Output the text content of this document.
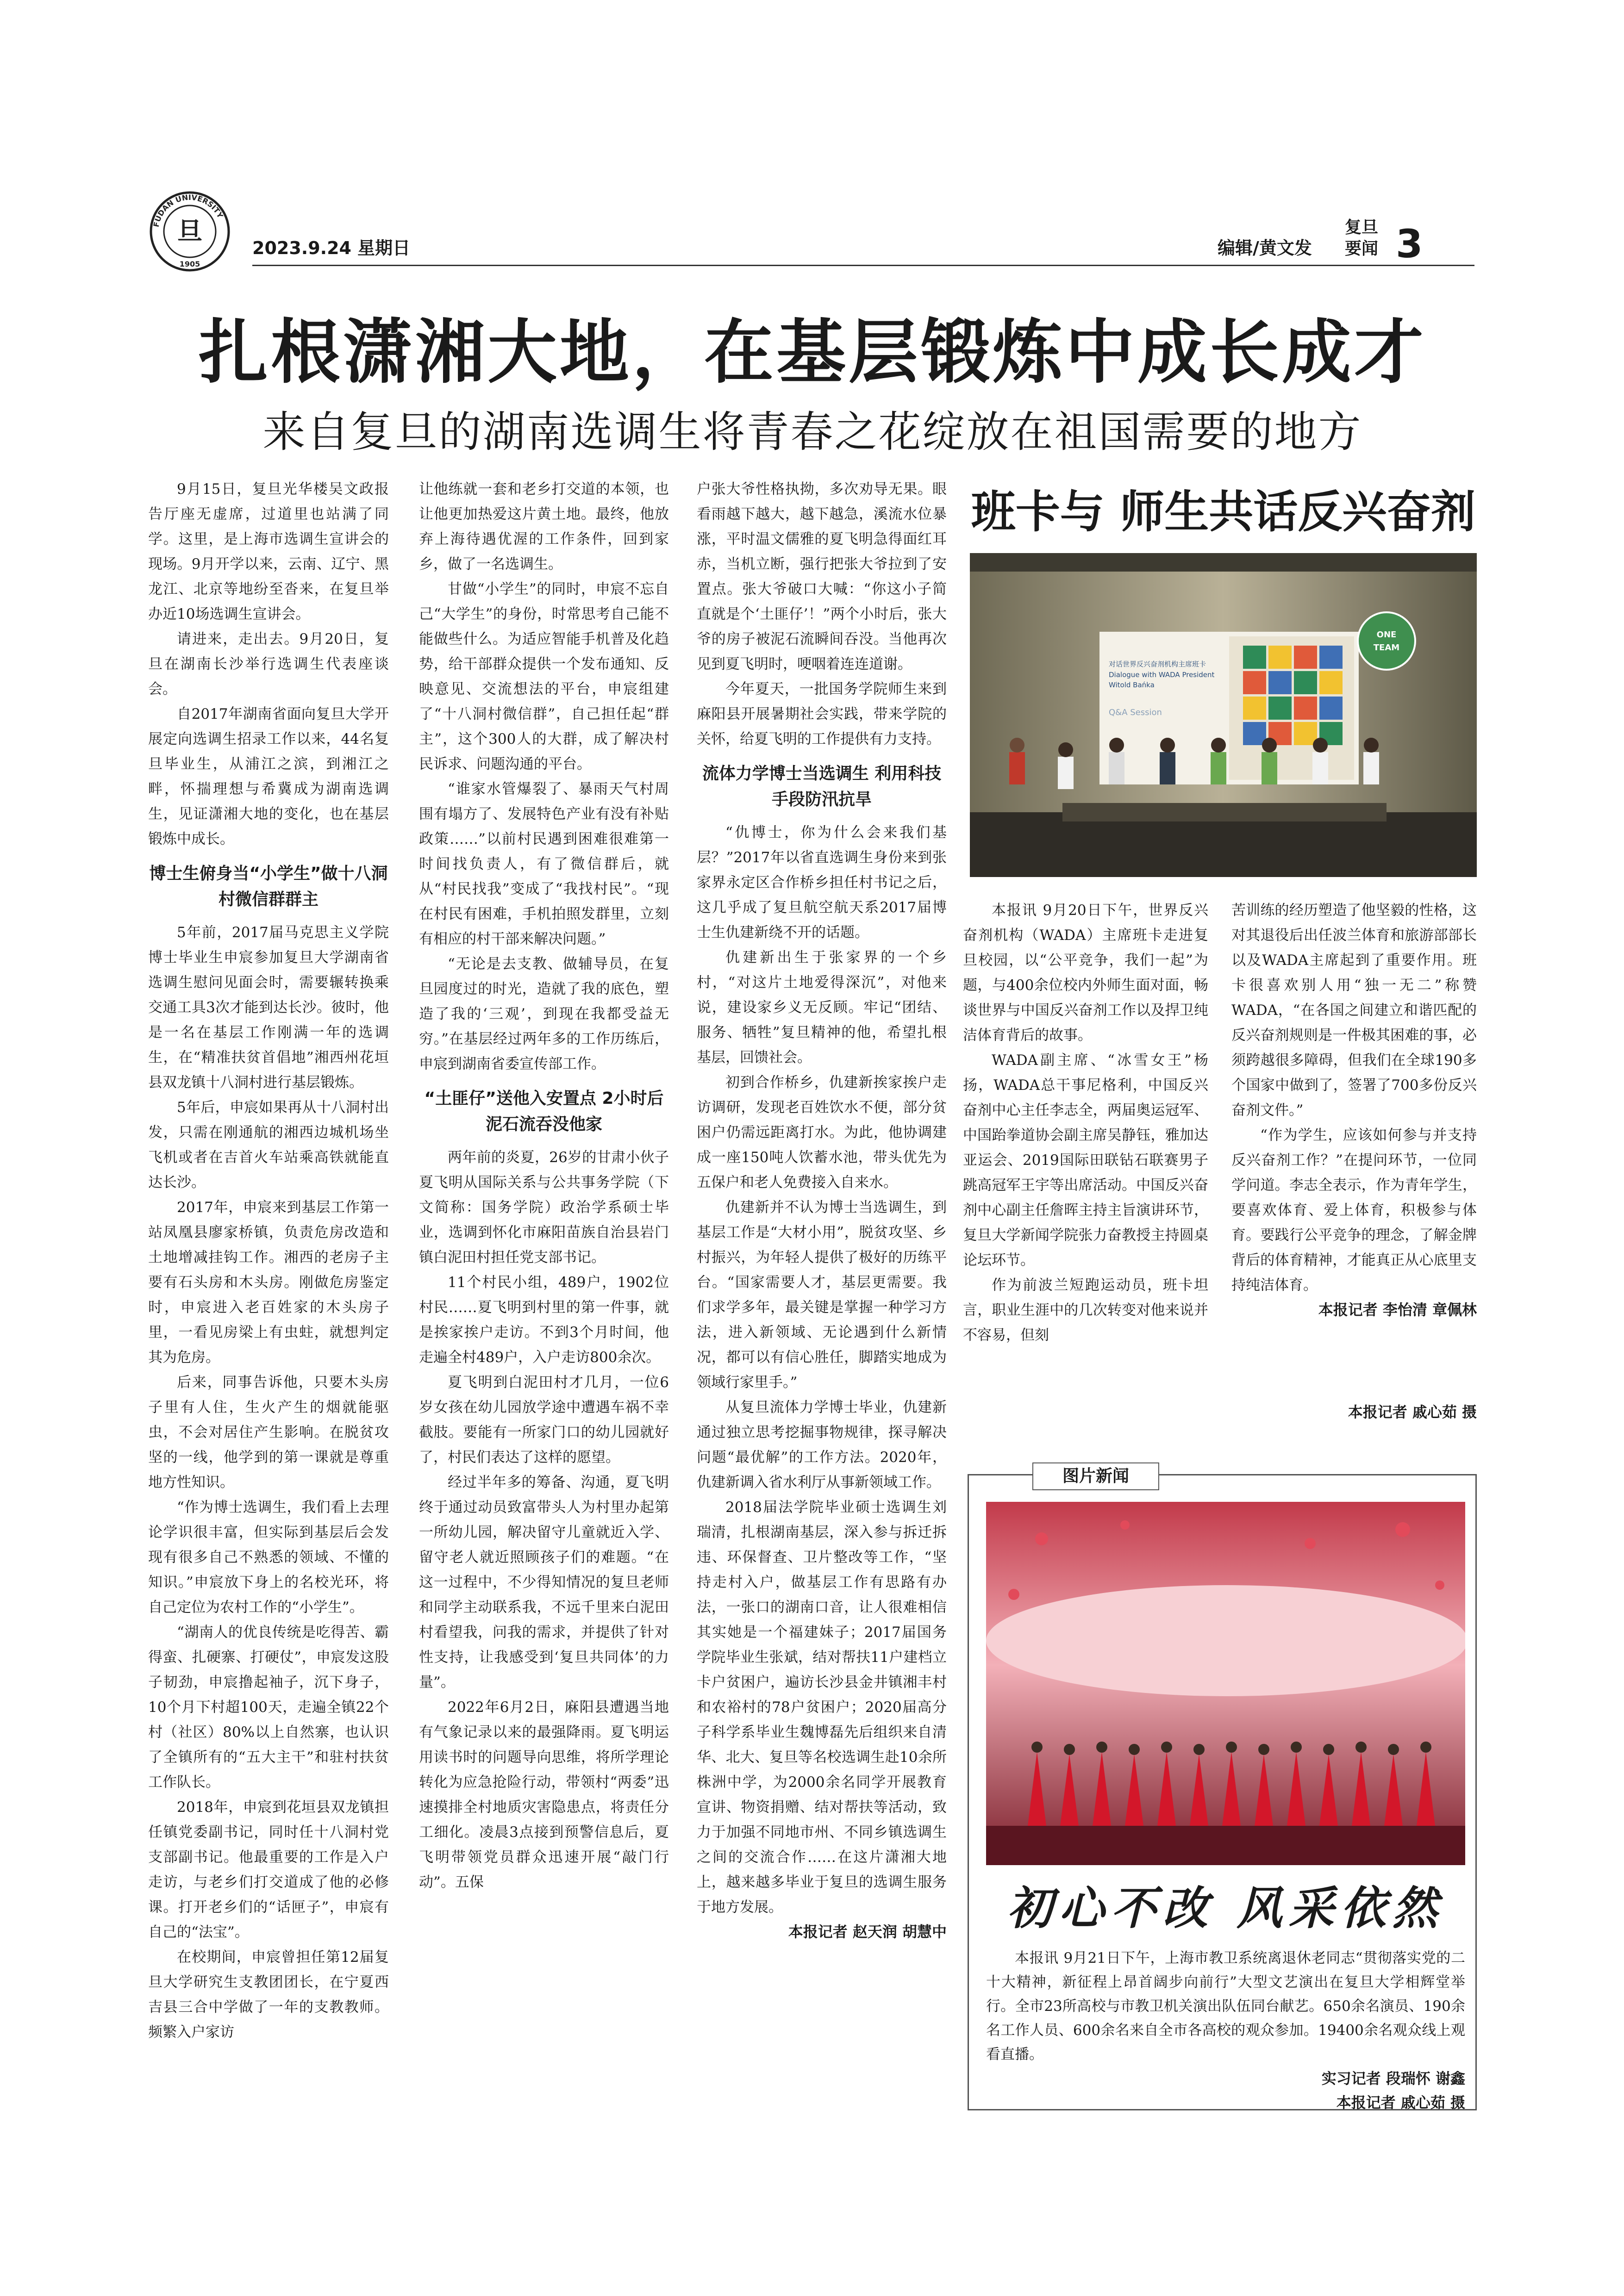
旦
FUDAN UNIVERSITY
1905
2023.9.24 星期日	编辑/黄文发
复旦
要闻 3
扎根潇湘大地，在基层锻炼中成长成才
来自复旦的湖南选调生将青春之花绽放在祖国需要的地方

9月15日，复旦光华楼吴文政报告厅座无虚席，过道里也站满了同学。这里，是上海市选调生宣讲会的现场。9月开学以来，云南、辽宁、黑龙江、北京等地纷至沓来，在复旦举办近10场选调生宣讲会。

请进来，走出去。9月20日，复旦在湖南长沙举行选调生代表座谈会。

自2017年湖南省面向复旦大学开展定向选调生招录工作以来，44名复旦毕业生，从浦江之滨，到湘江之畔，怀揣理想与希冀成为湖南选调生，见证潇湘大地的变化，也在基层锻炼中成长。

博士生俯身当“小学生”做十八洞村微信群群主

5年前，2017届马克思主义学院博士毕业生申宸参加复旦大学湖南省选调生慰问见面会时，需要辗转换乘交通工具3次才能到达长沙。彼时，他是一名在基层工作刚满一年的选调生，在“精准扶贫首倡地”湘西州花垣县双龙镇十八洞村进行基层锻炼。

5年后，申宸如果再从十八洞村出发，只需在刚通航的湘西边城机场坐飞机或者在吉首火车站乘高铁就能直达长沙。

2017年，申宸来到基层工作第一站凤凰县廖家桥镇，负责危房改造和土地增减挂钩工作。湘西的老房子主要有石头房和木头房。刚做危房鉴定时，申宸进入老百姓家的木头房子里，一看见房梁上有虫蛀，就想判定其为危房。

后来，同事告诉他，只要木头房子里有人住，生火产生的烟就能驱虫，不会对居住产生影响。在脱贫攻坚的一线，他学到的第一课就是尊重地方性知识。

“作为博士选调生，我们看上去理论学识很丰富，但实际到基层后会发现有很多自己不熟悉的领域、不懂的知识。”申宸放下身上的名校光环，将自己定位为农村工作的“小学生”。

“湖南人的优良传统是吃得苦、霸得蛮、扎硬寨、打硬仗”，申宸发这股子韧劲，申宸撸起袖子，沉下身子，10个月下村超100天，走遍全镇22个村（社区）80%以上自然寨，也认识了全镇所有的“五大主干”和驻村扶贫工作队长。

2018年，申宸到花垣县双龙镇担任镇党委副书记，同时任十八洞村党支部副书记。他最重要的工作是入户走访，与老乡们打交道成了他的必修课。打开老乡们的“话匣子”，申宸有自己的“法宝”。

在校期间，申宸曾担任第12届复旦大学研究生支教团团长，在宁夏西吉县三合中学做了一年的支教教师。频繁入户家访

让他练就一套和老乡打交道的本领，也让他更加热爱这片黄土地。最终，他放弃上海待遇优渥的工作条件，回到家乡，做了一名选调生。

甘做“小学生”的同时，申宸不忘自己“大学生”的身份，时常思考自己能不能做些什么。为适应智能手机普及化趋势，给干部群众提供一个发布通知、反映意见、交流想法的平台，申宸组建了“十八洞村微信群”，自己担任起“群主”，这个300人的大群，成了解决村民诉求、问题沟通的平台。

“谁家水管爆裂了、暴雨天气村周围有塌方了、发展特色产业有没有补贴政策……”以前村民遇到困难很难第一时间找负责人，有了微信群后，就从“村民找我”变成了“我找村民”。“现在村民有困难，手机拍照发群里，立刻有相应的村干部来解决问题。”

“无论是去支教、做辅导员，在复旦园度过的时光，造就了我的底色，塑造了我的‘三观’，到现在我都受益无穷。”在基层经过两年多的工作历练后，申宸到湖南省委宣传部工作。

“土匪仔”送他入安置点 2小时后泥石流吞没他家

两年前的炎夏，26岁的甘肃小伙子夏飞明从国际关系与公共事务学院（下文简称：国务学院）政治学系硕士毕业，选调到怀化市麻阳苗族自治县岩门镇白泥田村担任党支部书记。

11个村民小组，489户，1902位村民……夏飞明到村里的第一件事，就是挨家挨户走访。不到3个月时间，他走遍全村489户，入户走访800余次。

夏飞明到白泥田村才几月，一位6岁女孩在幼儿园放学途中遭遇车祸不幸截肢。要能有一所家门口的幼儿园就好了，村民们表达了这样的愿望。

经过半年多的筹备、沟通，夏飞明终于通过动员致富带头人为村里办起第一所幼儿园，解决留守儿童就近入学、留守老人就近照顾孩子们的难题。“在这一过程中，不少得知情况的复旦老师和同学主动联系我，不远千里来白泥田村看望我，问我的需求，并提供了针对性支持，让我感受到‘复旦共同体’的力量”。

2022年6月2日，麻阳县遭遇当地有气象记录以来的最强降雨。夏飞明运用读书时的问题导向思维，将所学理论转化为应急抢险行动，带领村“两委”迅速摸排全村地质灾害隐患点，将责任分工细化。凌晨3点接到预警信息后，夏飞明带领党员群众迅速开展“敲门行动”。五保

户张大爷性格执拗，多次劝导无果。眼看雨越下越大，越下越急，溪流水位暴涨，平时温文儒雅的夏飞明急得面红耳赤，当机立断，强行把张大爷拉到了安置点。张大爷破口大喊：“你这小子简直就是个‘土匪仔’！”两个小时后，张大爷的房子被泥石流瞬间吞没。当他再次见到夏飞明时，哽咽着连连道谢。

今年夏天，一批国务学院师生来到麻阳县开展暑期社会实践，带来学院的关怀，给夏飞明的工作提供有力支持。

流体力学博士当选调生 利用科技手段防汛抗旱

“仇博士，你为什么会来我们基层？”2017年以省直选调生身份来到张家界永定区合作桥乡担任村书记之后，这几乎成了复旦航空航天系2017届博士生仇建新绕不开的话题。

仇建新出生于张家界的一个乡村，“对这片土地爱得深沉”，对他来说，建设家乡义无反顾。牢记“团结、服务、牺牲”复旦精神的他，希望扎根基层，回馈社会。

初到合作桥乡，仇建新挨家挨户走访调研，发现老百姓饮水不便，部分贫困户仍需远距离打水。为此，他协调建成一座150吨人饮蓄水池，带头优先为五保户和老人免费接入自来水。

仇建新并不认为博士当选调生，到基层工作是“大材小用”，脱贫攻坚、乡村振兴，为年轻人提供了极好的历练平台。“国家需要人才，基层更需要。我们求学多年，最关键是掌握一种学习方法，进入新领域、无论遇到什么新情况，都可以有信心胜任，脚踏实地成为领域行家里手。”

从复旦流体力学博士毕业，仇建新通过独立思考挖掘事物规律，探寻解决问题“最优解”的工作方法。2020年，仇建新调入省水利厅从事新领域工作。

2018届法学院毕业硕士选调生刘瑞清，扎根湖南基层，深入参与拆迁拆违、环保督查、卫片整改等工作，“坚持走村入户，做基层工作有思路有办法，一张口的湖南口音，让人很难相信其实她是一个福建妹子；2017届国务学院毕业生张斌，结对帮扶11户建档立卡户贫困户，遍访长沙县金井镇湘丰村和农裕村的78户贫困户；2020届高分子科学系毕业生魏博磊先后组织来自清华、北大、复旦等名校选调生赴10余所株洲中学，为2000余名同学开展教育宣讲、物资捐赠、结对帮扶等活动，致力于加强不同地市州、不同乡镇选调生之间的交流合作……在这片潇湘大地上，越来越多毕业于复旦的选调生服务于地方发展。

本报记者 赵天润 胡慧中
班卡与 师生共话反兴奋剂
对话世界反兴奋剂机构主席班卡
Dialogue with WADA President
Witold Bańka
Q&A Session
ONE
TEAM

本报讯 9月20日下午，世界反兴奋剂机构（WADA）主席班卡走进复旦校园，以“公平竞争，我们一起”为题，与400余位校内外师生面对面，畅谈世界与中国反兴奋剂工作以及捍卫纯洁体育背后的故事。

WADA副主席、“冰雪女王”杨扬，WADA总干事尼格利，中国反兴奋剂中心主任李志全，两届奥运冠军、中国跆拳道协会副主席吴静钰，雅加达亚运会、2019国际田联钻石联赛男子跳高冠军王宇等出席活动。中国反兴奋剂中心副主任詹晖主持主旨演讲环节，复旦大学新闻学院张力奋教授主持圆桌论坛环节。

作为前波兰短跑运动员，班卡坦言，职业生涯中的几次转变对他来说并不容易，但刻

苦训练的经历塑造了他坚毅的性格，这对其退役后出任波兰体育和旅游部部长以及WADA主席起到了重要作用。班卡很喜欢别人用“独一无二”称赞WADA，“在各国之间建立和谐匹配的反兴奋剂规则是一件极其困难的事，必须跨越很多障碍，但我们在全球190多个国家中做到了，签署了700多份反兴奋剂文件。”

“作为学生，应该如何参与并支持反兴奋剂工作？”在提问环节，一位同学问道。李志全表示，作为青年学生，要喜欢体育、爱上体育，积极参与体育。要践行公平竞争的理念，了解金牌背后的体育精神，才能真正从心底里支持纯洁体育。

本报记者 李怡清 章佩林
本报记者 戚心茹 摄
图片新闻
初心不改 风采依然

本报讯 9月21日下午，上海市教卫系统离退休老同志“贯彻落实党的二十大精神，新征程上昂首阔步向前行”大型文艺演出在复旦大学相辉堂举行。全市23所高校与市教卫机关演出队伍同台献艺。650余名演员、190余名工作人员、600余名来自全市各高校的观众参加。19400余名观众线上观看直播。

实习记者 段瑞怀 谢鑫
本报记者 戚心茹 摄
